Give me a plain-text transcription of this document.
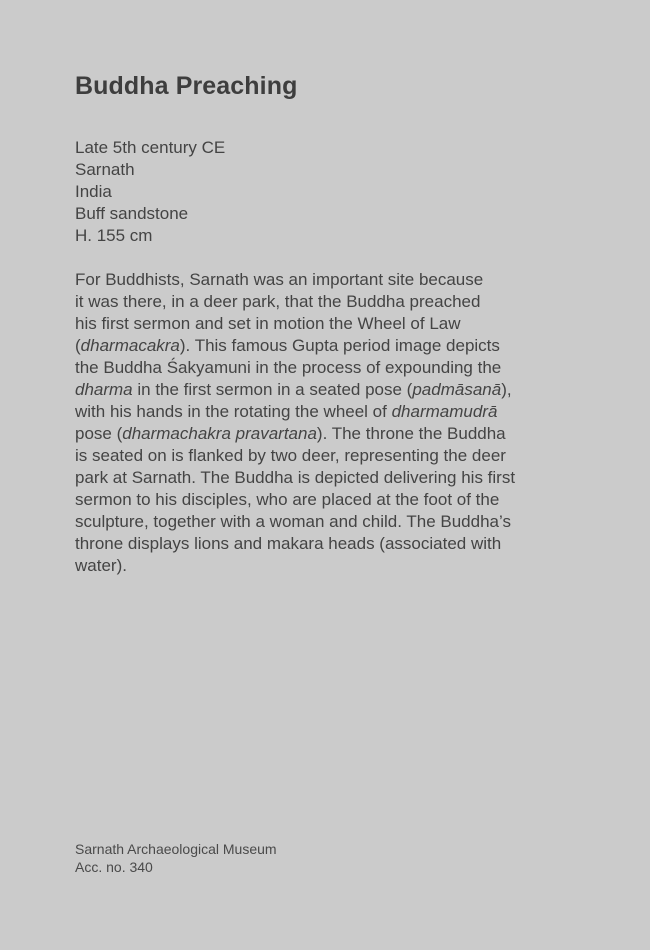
Buddha Preaching
Late 5th century CE
Sarnath
India
Buff sandstone
H. 155 cm
For Buddhists, Sarnath was an important site because
it was there, in a deer park, that the Buddha preached
his first sermon and set in motion the Wheel of Law
(dharmacakra). This famous Gupta period image depicts
the Buddha Śakyamuni in the process of expounding the
dharma in the first sermon in a seated pose (padmāsanā),
with his hands in the rotating the wheel of dharmamudrā
pose (dharmachakra pravartana). The throne the Buddha
is seated on is flanked by two deer, representing the deer
park at Sarnath. The Buddha is depicted delivering his first
sermon to his disciples, who are placed at the foot of the
sculpture, together with a woman and child. The Buddha’s
throne displays lions and makara heads (associated with
water).
Sarnath Archaeological Museum
Acc. no. 340
